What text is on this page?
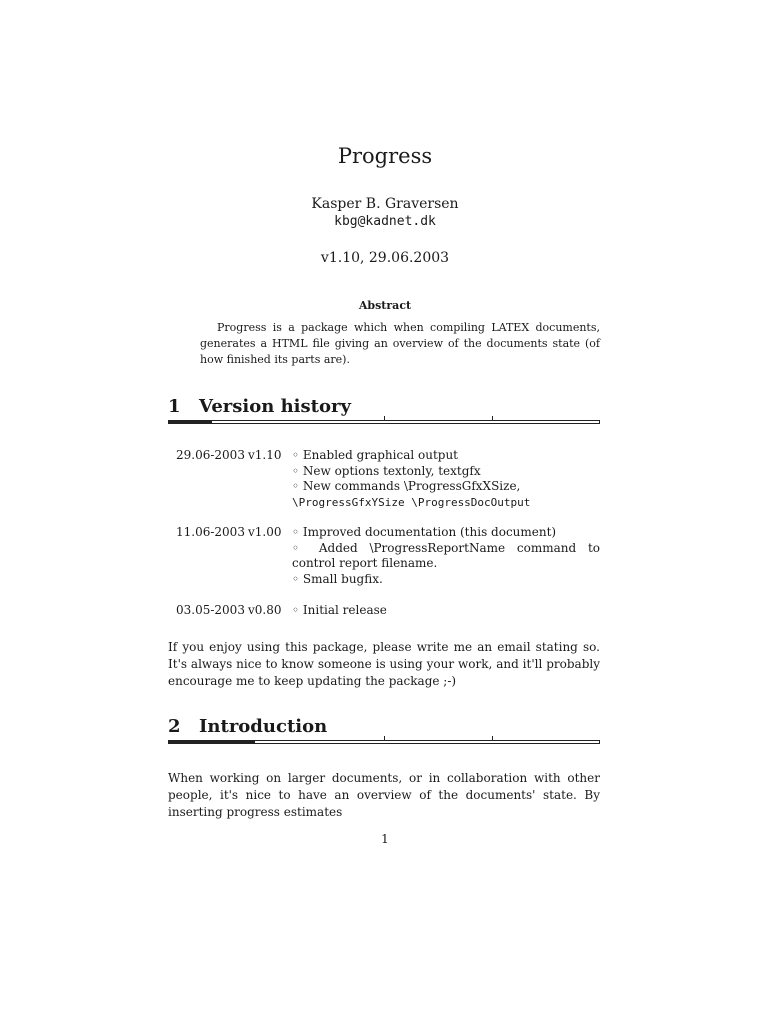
Progress
Kasper B. Graversen
kbg@kadnet.dk
v1.10, 29.06.2003
Abstract
Progress is a package which when compiling LATEX documents, generates a HTML file giving an overview of the documents state (of how finished its parts are).
1 Version history
29.06-2003 v1.10 ◦ Enabled graphical output
◦ New options textonly, textgfx
◦ New commands \ProgressGfxXSize,
\ProgressGfxYSize \ProgressDocOutput
11.06-2003 v1.00 ◦ Improved documentation (this document)
◦ Added \ProgressReportName command to control report filename.
◦ Small bugfix.
03.05-2003 v0.80 ◦ Initial release
If you enjoy using this package, please write me an email stating so. It's always nice to know someone is using your work, and it'll probably encourage me to keep updating the package ;-)
2 Introduction
When working on larger documents, or in collaboration with other people, it's nice to have an overview of the documents' state. By inserting progress estimates
1
